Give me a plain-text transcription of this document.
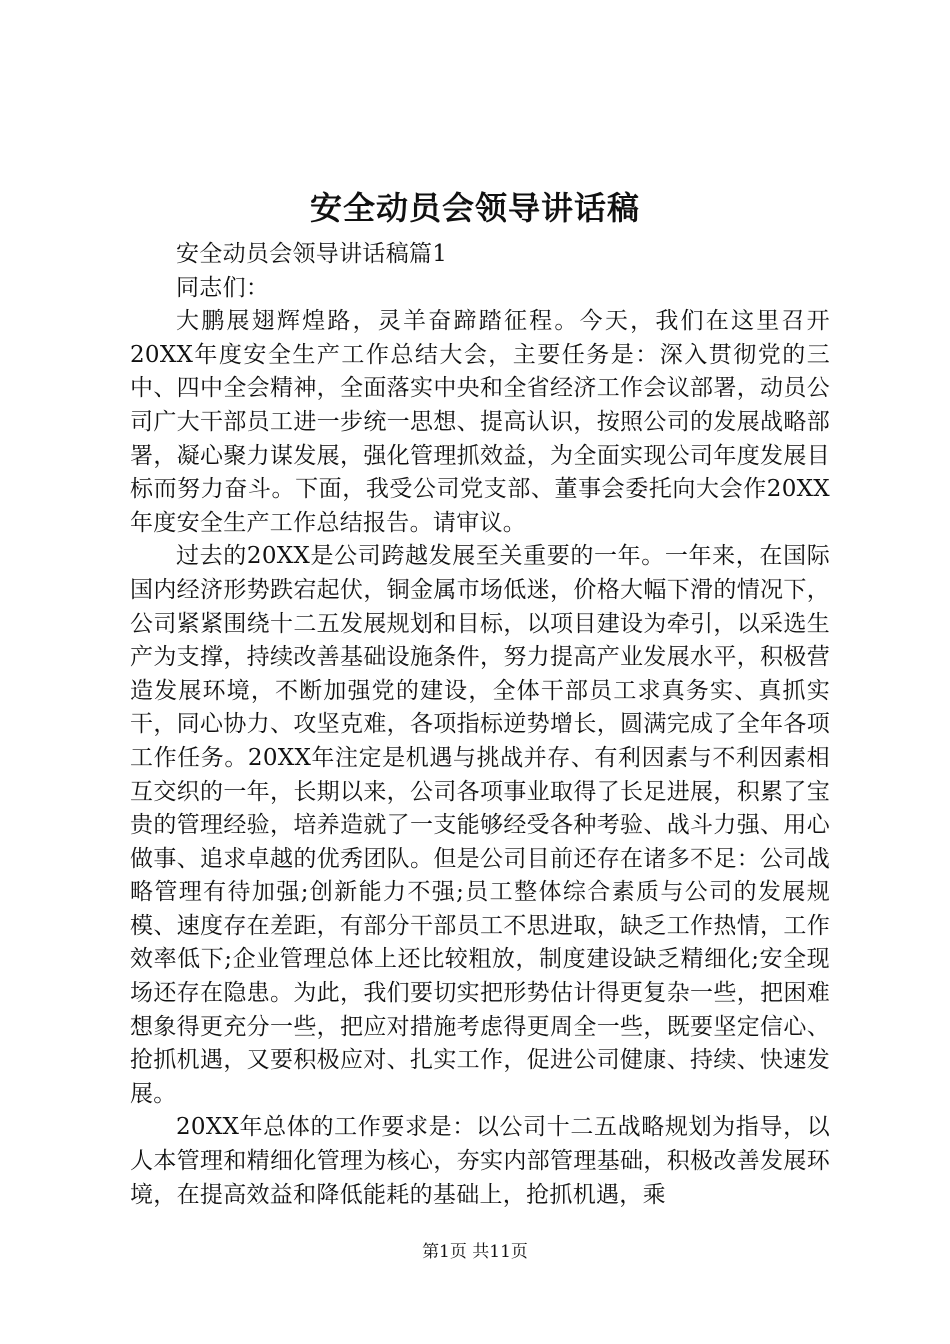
安全动员会领导讲话稿

安全动员会领导讲话稿篇1

同志们：

大鹏展翅辉煌路，灵羊奋蹄踏征程。今天，我们在这里召开20XX年度安全生产工作总结大会，主要任务是：深入贯彻党的三中、四中全会精神，全面落实中央和全省经济工作会议部署，动员公司广大干部员工进一步统一思想、提高认识，按照公司的发展战略部署，凝心聚力谋发展，强化管理抓效益，为全面实现公司年度发展目标而努力奋斗。下面，我受公司党支部、董事会委托向大会作20XX年度安全生产工作总结报告。请审议。

过去的20XX是公司跨越发展至关重要的一年。一年来，在国际国内经济形势跌宕起伏，铜金属市场低迷，价格大幅下滑的情况下，公司紧紧围绕十二五发展规划和目标，以项目建设为牵引，以采选生产为支撑，持续改善基础设施条件，努力提高产业发展水平，积极营造发展环境，不断加强党的建设，全体干部员工求真务实、真抓实干，同心协力、攻坚克难，各项指标逆势增长，圆满完成了全年各项工作任务。20XX年注定是机遇与挑战并存、有利因素与不利因素相互交织的一年，长期以来，公司各项事业取得了长足进展，积累了宝贵的管理经验，培养造就了一支能够经受各种考验、战斗力强、用心做事、追求卓越的优秀团队。但是公司目前还存在诸多不足：公司战略管理有待加强;创新能力不强;员工整体综合素质与公司的发展规模、速度存在差距，有部分干部员工不思进取，缺乏工作热情，工作效率低下;企业管理总体上还比较粗放，制度建设缺乏精细化;安全现场还存在隐患。为此，我们要切实把形势估计得更复杂一些，把困难想象得更充分一些，把应对措施考虑得更周全一些，既要坚定信心、抢抓机遇，又要积极应对、扎实工作，促进公司健康、持续、快速发展。

20XX年总体的工作要求是：以公司十二五战略规划为指导，以人本管理和精细化管理为核心，夯实内部管理基础，积极改善发展环境，在提高效益和降低能耗的基础上，抢抓机遇，乘

第1页 共11页
